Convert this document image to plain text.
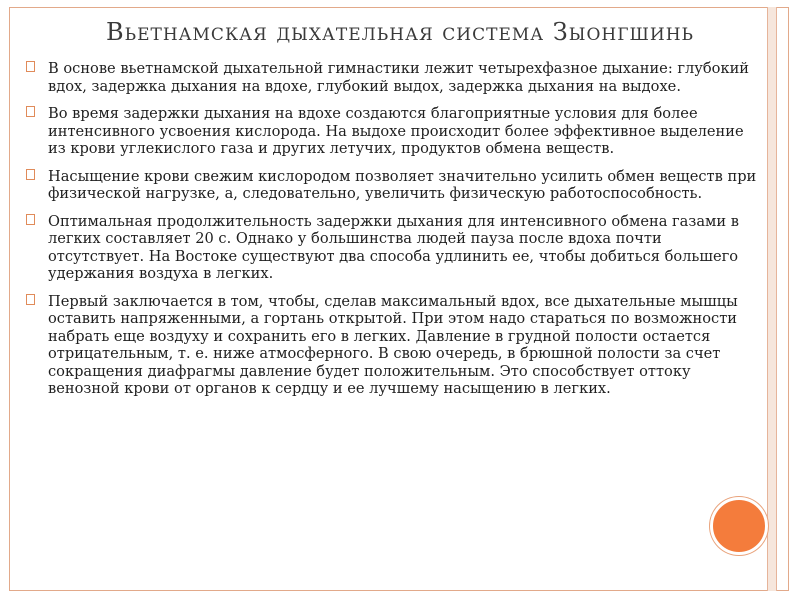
Вьетнамская дыхательная система Зыонгшинь
В основе вьетнамской дыхательной гимнастики лежит четырехфазное дыхание: глубокий вдох, задержка дыхания на вдохе, глубокий выдох, задержка дыхания на выдохе.
Во время задержки дыхания на вдохе создаются благоприятные условия для более интенсивного усвоения кислорода. На выдохе происходит более эффективное выделение из крови углекислого газа и других летучих, продуктов обмена веществ.
Насыщение крови свежим кислородом позволяет значительно усилить обмен веществ при физической нагрузке, а, следовательно, увеличить физическую работоспособность.
Оптимальная продолжительность задержки дыхания для интенсивного обмена газами в легких составляет 20 с. Однако у большинства людей пауза после вдоха почти отсутствует. На Востоке существуют два способа удлинить ее, чтобы добиться большего удержания воздуха в легких.
Первый заключается в том, чтобы, сделав максимальный вдох, все дыхательные мышцы оставить напряженными, а гортань открытой. При этом надо стараться по возможности набрать еще воздуху и сохранить его в легких. Давление в грудной полости остается отрицательным, т. е. ниже атмосферного. В свою очередь, в брюшной полости за счет сокращения диафрагмы давление будет положительным. Это способствует оттоку венозной крови от органов к сердцу и ее лучшему насыщению в легких.
